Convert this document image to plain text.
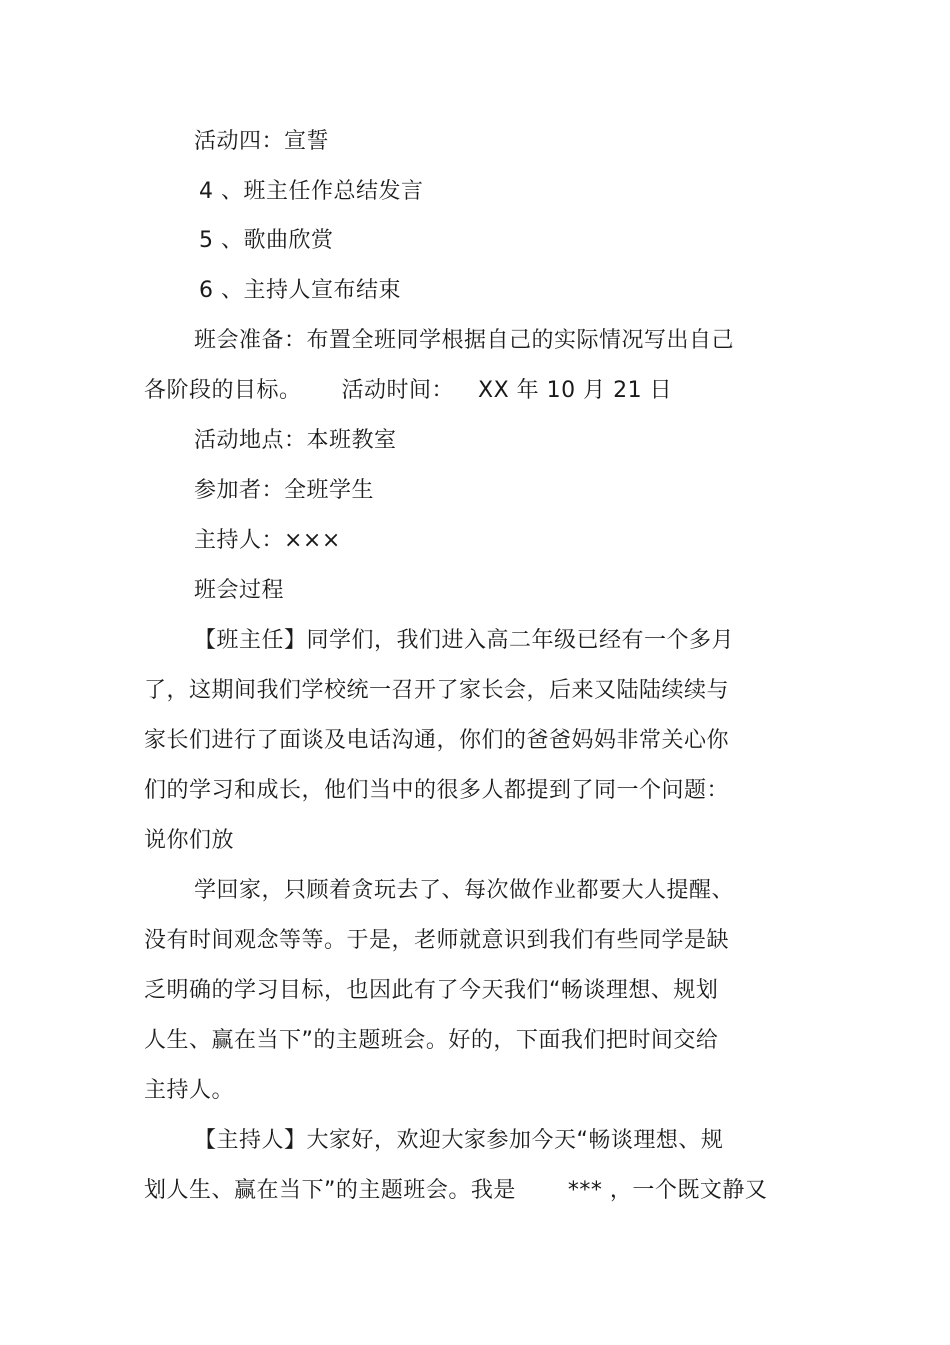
活动四：宣誓
4 、班主任作总结发言
5 、歌曲欣赏
6 、主持人宣布结束
班会准备：布置全班同学根据自己的实际情况写出自己
各阶段的目标。 活动时间： XX 年 10 月 21 日
活动地点：本班教室
参加者：全班学生
主持人：×××
班会过程
【班主任】同学们，我们进入高二年级已经有一个多月
了，这期间我们学校统一召开了家长会，后来又陆陆续续与
家长们进行了面谈及电话沟通，你们的爸爸妈妈非常关心你
们的学习和成长，他们当中的很多人都提到了同一个问题：
说你们放
学回家，只顾着贪玩去了、每次做作业都要大人提醒、
没有时间观念等等。于是，老师就意识到我们有些同学是缺
乏明确的学习目标，也因此有了今天我们“畅谈理想、规划
人生、赢在当下”的主题班会。好的，下面我们把时间交给
主持人。
【主持人】大家好，欢迎大家参加今天“畅谈理想、规
划人生、赢在当下”的主题班会。我是 *** ，一个既文静又
